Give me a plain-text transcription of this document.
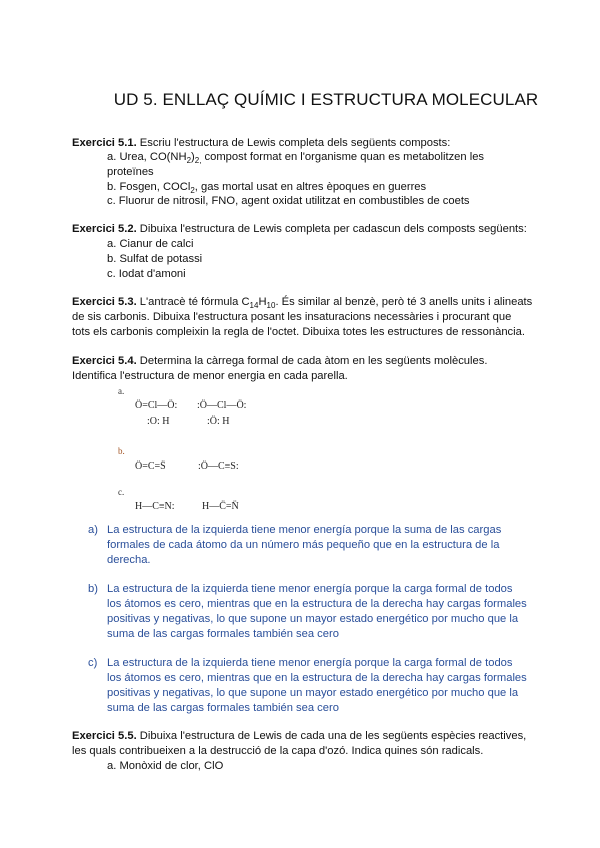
UD 5. ENLLAÇ QUÍMIC I ESTRUCTURA MOLECULAR
Exercici 5.1. Escriu l'estructura de Lewis completa dels següents composts:
a. Urea, $CO(NH_2)_{2,}$ compost format en l'organisme quan es metabolitzen les
proteïnes
b. Fosgen, COCl$_2$, gas mortal usat en altres èpoques en guerres
c. Fluorur de nitrosil, FNO, agent oxidat utilitzat en combustibles de coets
Exercici 5.2. Dibuixa l'estructura de Lewis completa per cadascun dels composts següents:
a. Cianur de calci
b. Sulfat de potassi
c. Iodat d'amoni
Exercici 5.3. L'antracè té fórmula $C_{14}H_{10}$. És similar al benzè, però té 3 anells units i alineats
de sis carbonis. Dibuixa l'estructura posant les insaturacions necessàries i procurant que
tots els carbonis compleixin la regla de l'octet. Dibuixa totes les estructures de ressonància.
Exercici 5.4. Determina la càrrega formal de cada àtom en les següents molècules.
Identifica l'estructura de menor energia en cada parella.
a.
Ö=Cl—Ö:
:O: H
:Ö—Cl—Ö:
:Ö: H
b.
Ö=C=S̈	:Ö—C≡S:
c.
H—C≡N:	H—C̈=N̈
a) La estructura de la izquierda tiene menor energía porque la suma de las cargas
formales de cada átomo da un número más pequeño que en la estructura de la
derecha.
b) La estructura de la izquierda tiene menor energía porque la carga formal de todos
los átomos es cero, mientras que en la estructura de la derecha hay cargas formales
positivas y negativas, lo que supone un mayor estado energético por mucho que la
suma de las cargas formales también sea cero
c) La estructura de la izquierda tiene menor energía porque la carga formal de todos
los átomos es cero, mientras que en la estructura de la derecha hay cargas formales
positivas y negativas, lo que supone un mayor estado energético por mucho que la
suma de las cargas formales también sea cero
Exercici 5.5. Dibuixa l'estructura de Lewis de cada una de les següents espècies reactives,
les quals contribueixen a la destrucció de la capa d'ozó. Indica quines són radicals.
a. Monòxid de clor, ClO
